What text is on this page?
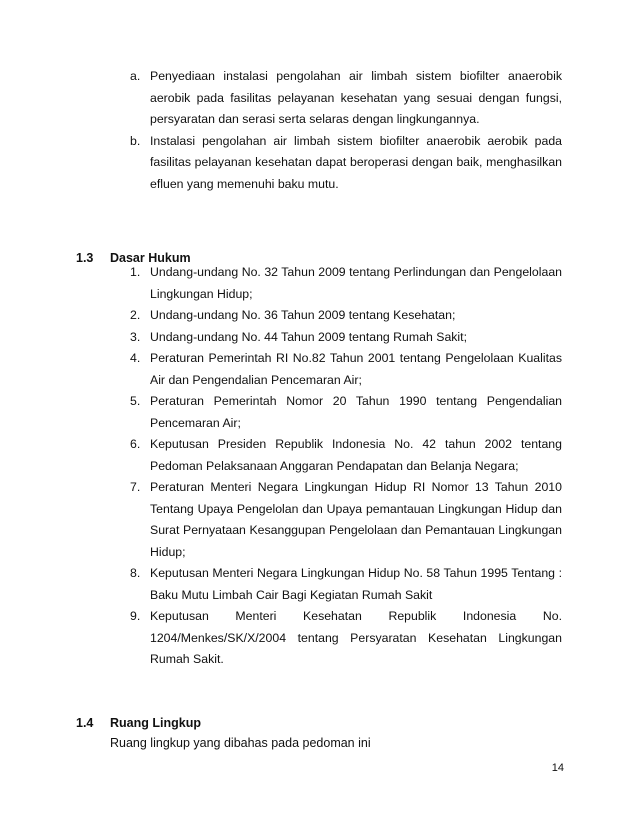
a. Penyediaan instalasi pengolahan air limbah sistem biofilter anaerobik aerobik pada fasilitas pelayanan kesehatan yang sesuai dengan fungsi, persyaratan dan serasi serta selaras dengan lingkungannya.

b. Instalasi pengolahan air limbah sistem biofilter anaerobik aerobik pada fasilitas pelayanan kesehatan dapat beroperasi dengan baik, menghasilkan efluen yang memenuhi baku mutu.

1.3 Dasar Hukum

1. Undang-undang No. 32 Tahun 2009 tentang Perlindungan dan Pengelolaan Lingkungan Hidup;

2. Undang-undang No. 36 Tahun 2009 tentang Kesehatan;

3. Undang-undang No. 44 Tahun 2009 tentang Rumah Sakit;

4. Peraturan Pemerintah RI No.82 Tahun 2001 tentang Pengelolaan Kualitas Air dan Pengendalian Pencemaran Air;

5. Peraturan Pemerintah Nomor 20 Tahun 1990 tentang Pengendalian Pencemaran Air;

6. Keputusan Presiden Republik Indonesia No. 42 tahun 2002 tentang Pedoman Pelaksanaan Anggaran Pendapatan dan Belanja Negara;

7. Peraturan Menteri Negara Lingkungan Hidup RI Nomor 13 Tahun 2010 Tentang Upaya Pengelolan dan Upaya pemantauan Lingkungan Hidup dan Surat Pernyataan Kesanggupan Pengelolaan dan Pemantauan Lingkungan Hidup;

8. Keputusan Menteri Negara Lingkungan Hidup No. 58 Tahun 1995 Tentang : Baku Mutu Limbah Cair Bagi Kegiatan Rumah Sakit

9. Keputusan Menteri Kesehatan Republik Indonesia No. 1204/Menkes/SK/X/2004 tentang Persyaratan Kesehatan Lingkungan Rumah Sakit.

1.4 Ruang Lingkup
Ruang lingkup yang dibahas pada pedoman ini
14
